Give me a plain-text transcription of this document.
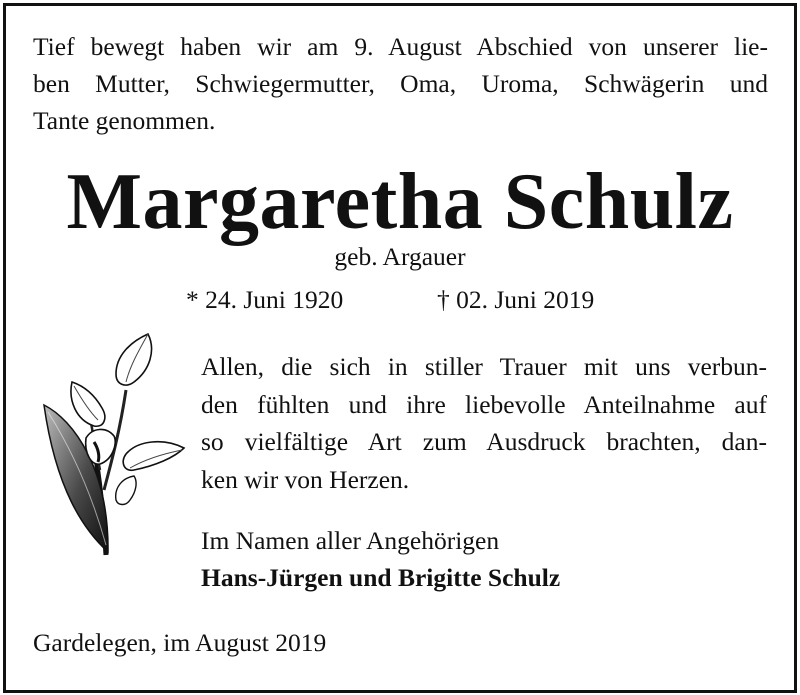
Tief bewegt haben wir am 9. August Abschied von unserer lie-
ben Mutter, Schwiegermutter, Oma, Uroma, Schwägerin und
Tante genommen.
Margaretha Schulz
geb. Argauer
* 24. Juni 1920	† 02. Juni 2019
Allen, die sich in stiller Trauer mit uns verbun-
den fühlten und ihre liebevolle Anteilnahme auf
so vielfältige Art zum Ausdruck brachten, dan-
ken wir von Herzen.
Im Namen aller Angehörigen
Hans-Jürgen und Brigitte Schulz
Gardelegen, im August 2019
